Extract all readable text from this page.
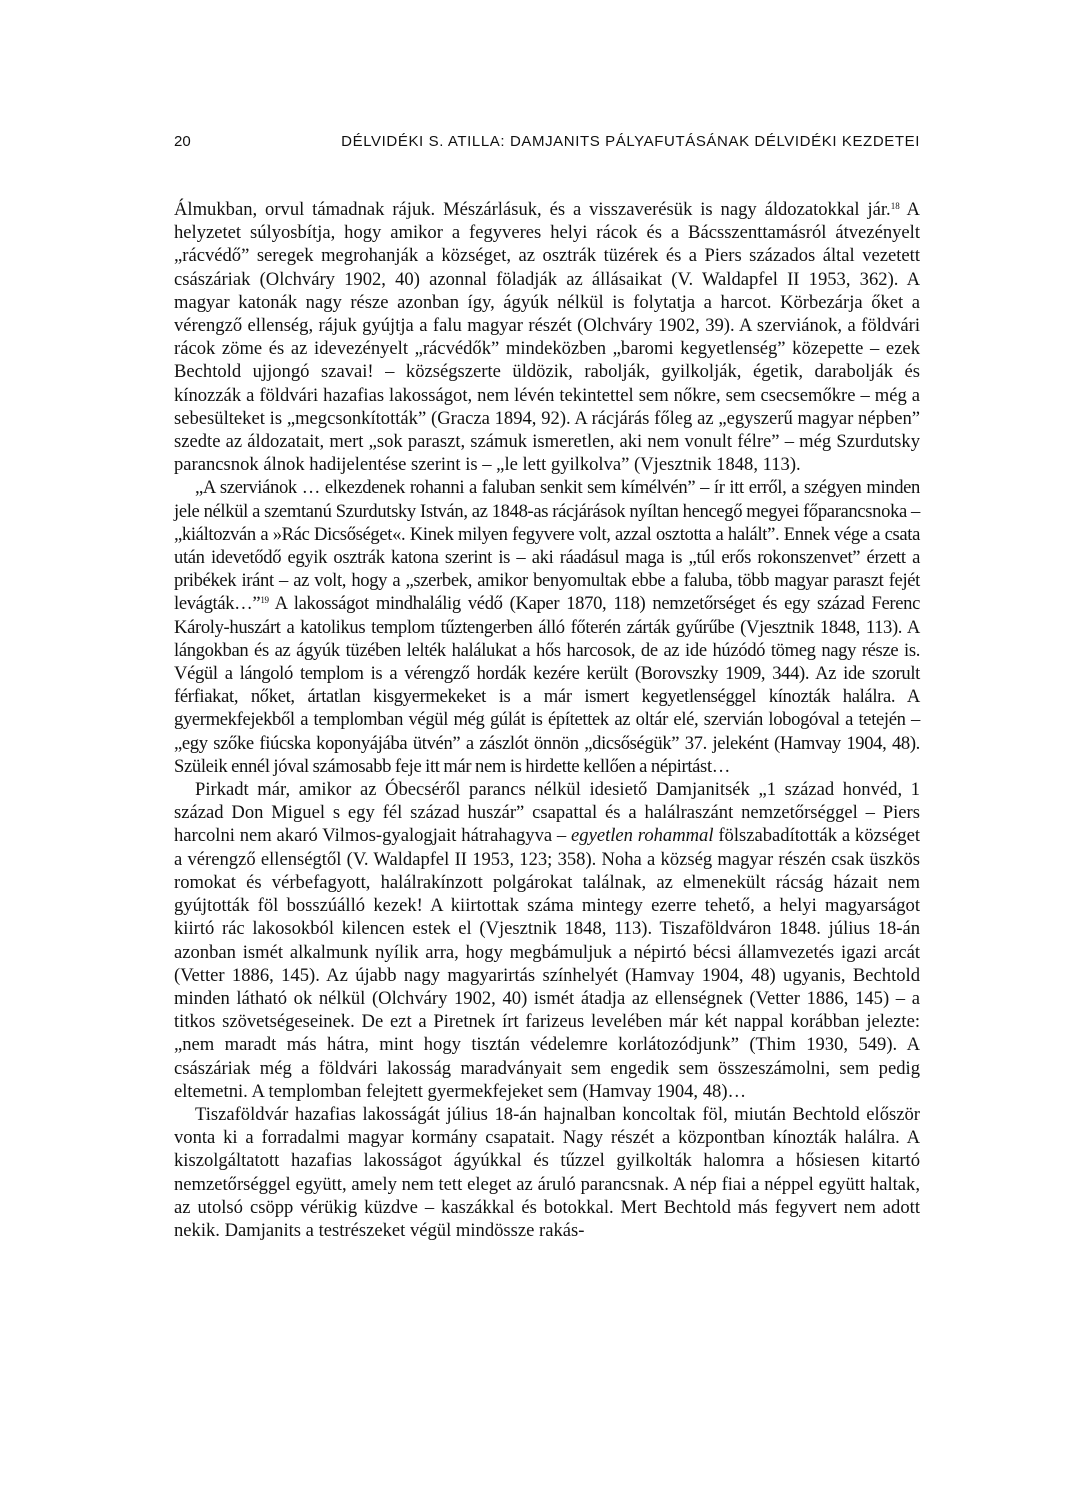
20	DÉLVIDÉKI S. ATILLA: DAMJANITS PÁLYAFUTÁSÁNAK DÉLVIDÉKI KEZDETEI

Álmukban, orvul támadnak rájuk. Mészárlásuk, és a visszaverésük is nagy áldozatokkal jár.$^{18}$ A helyzetet súlyosbítja, hogy amikor a fegyveres helyi rácok és a Bácsszenttamásról átvezényelt „rácvédő” seregek megrohanják a községet, az osztrák tüzérek és a Piers százados által vezetett császáriak (Olchváry 1902, 40) azonnal föladják az állásaikat (V. Waldapfel II 1953, 362). A magyar katonák nagy része azonban így, ágyúk nélkül is folytatja a harcot. Körbezárja őket a vérengző ellenség, rájuk gyújtja a falu magyar részét (Olchváry 1902, 39). A szerviánok, a földvári rácok zöme és az idevezényelt „rácvédők” mindeközben „baromi kegyetlenség” közepette – ezek Bechtold ujjongó szavai! – községszerte üldözik, rabolják, gyilkolják, égetik, darabolják és kínozzák a földvári hazafias lakosságot, nem lévén tekintettel sem nőkre, sem csecsemőkre – még a sebesülteket is „megcsonkították” (Gracza 1894, 92). A rácjárás főleg az „egyszerű magyar népben” szedte az áldozatait, mert „sok paraszt, számuk ismeretlen, aki nem vonult félre” – még Szurdutsky parancsnok álnok hadijelentése szerint is – „le lett gyilkolva” (Vjesztnik 1848, 113).

„A szerviánok … elkezdenek rohanni a faluban senkit sem kímélvén” – ír itt erről, a szégyen minden jele nélkül a szemtanú Szurdutsky István, az 1848-as rácjárások nyíltan hencegő megyei főparancsnoka – „kiáltozván a »Rác Dicsőséget«. Kinek milyen fegyvere volt, azzal osztotta a halált”. Ennek vége a csata után idevetődő egyik osztrák katona szerint is – aki ráadásul maga is „túl erős rokonszenvet” érzett a pribékek iránt – az volt, hogy a „szerbek, amikor benyomultak ebbe a faluba, több magyar paraszt fejét levágták…”$^{19}$ A lakosságot mindhalálig védő (Kaper 1870, 118) nemzetőrséget és egy század Ferenc Károly-huszárt a katolikus templom tűztengerben álló főterén zárták gyűrűbe (Vjesztnik 1848, 113). A lángokban és az ágyúk tüzében lelték halálukat a hős harcosok, de az ide húzódó tömeg nagy része is. Végül a lángoló templom is a vérengző hordák kezére került (Borovszky 1909, 344). Az ide szorult férfiakat, nőket, ártatlan kisgyermekeket is a már ismert kegyetlenséggel kínozták halálra. A gyermekfejekből a templomban végül még gúlát is építettek az oltár elé, szervián lobogóval a tetején – „egy szőke fiúcska koponyájába ütvén” a zászlót önnön „dicsőségük” 37. jeleként (Hamvay 1904, 48). Szüleik ennél jóval számosabb feje itt már nem is hirdette kellően a népirtást…

Pirkadt már, amikor az Óbecséről parancs nélkül idesiető Damjanitsék „1 század honvéd, 1 század Don Miguel s egy fél század huszár” csapattal és a halálraszánt nemzetőrséggel – Piers harcolni nem akaró Vilmos-gyalogjait hátrahagyva – egyetlen rohammal fölszabadították a községet a vérengző ellenségtől (V. Waldapfel II 1953, 123; 358). Noha a község magyar részén csak üszkös romokat és vérbefagyott, halálrakínzott polgárokat találnak, az elmenekült rácság házait nem gyújtották föl bosszúálló kezek! A kiirtottak száma mintegy ezerre tehető, a helyi magyarságot kiirtó rác lakosokból kilencen estek el (Vjesztnik 1848, 113). Tiszaföldváron 1848. július 18-án azonban ismét alkalmunk nyílik arra, hogy megbámuljuk a népirtó bécsi államvezetés igazi arcát (Vetter 1886, 145). Az újabb nagy magyarirtás színhelyét (Hamvay 1904, 48) ugyanis, Bechtold minden látható ok nélkül (Olchváry 1902, 40) ismét átadja az ellenségnek (Vetter 1886, 145) – a titkos szövetségeseinek. De ezt a Piretnek írt farizeus levelében már két nappal korábban jelezte: „nem maradt más hátra, mint hogy tisztán védelemre korlátozódjunk” (Thim 1930, 549). A császáriak még a földvári lakosság maradványait sem engedik sem összeszámolni, sem pedig eltemetni. A templomban felejtett gyermekfejeket sem (Hamvay 1904, 48)…

Tiszaföldvár hazafias lakosságát július 18-án hajnalban koncoltak föl, miután Bechtold először vonta ki a forradalmi magyar kormány csapatait. Nagy részét a központban kínozták halálra. A kiszolgáltatott hazafias lakosságot ágyúkkal és tűzzel gyilkolták halomra a hősiesen kitartó nemzetőrséggel együtt, amely nem tett eleget az áruló parancsnak. A nép fiai a néppel együtt haltak, az utolsó csöpp vérükig küzdve – kaszákkal és botokkal. Mert Bechtold más fegyvert nem adott nekik. Damjanits a testrészeket végül mindössze rakás-
